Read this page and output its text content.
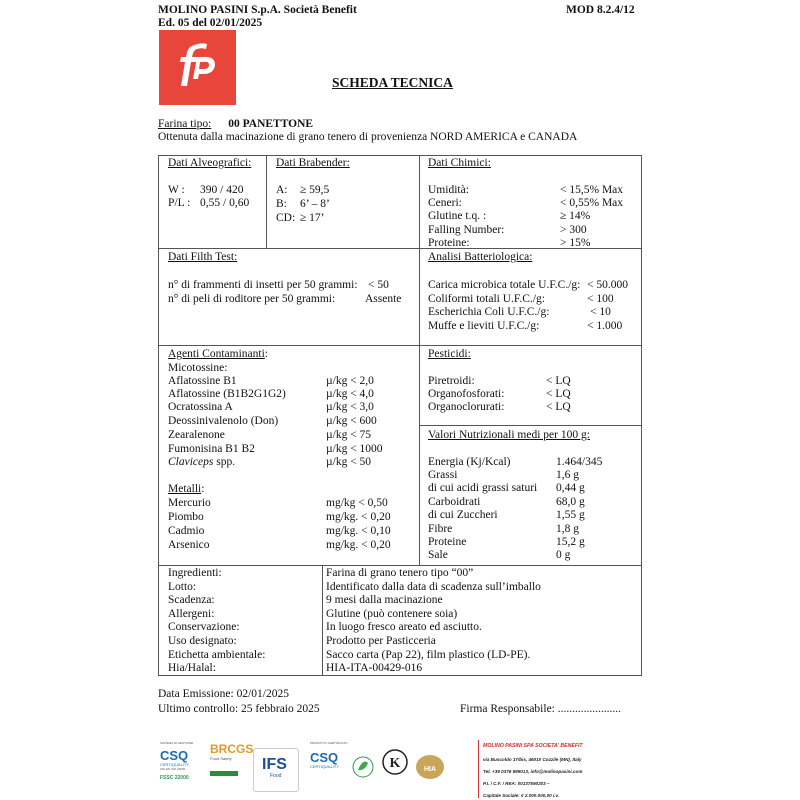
MOLINO PASINI S.p.A. Società Benefit
Ed. 05 del 02/01/2025
MOD 8.2.4/12
SCHEDA TECNICA
Farina tipo: 00 PANETTONE
Ottenuta dalla macinazione di grano tenero di provenienza NORD AMERICA e CANADA
Dati Alveografici:
W : 390 / 420
P/L : 0,55 / 0,60
Dati Brabender:
A: ≥ 59,5
B: 6’ – 8’
CD: ≥ 17’
Dati Chimici:
Umidità:	< 15,5% Max
Ceneri:	< 0,55% Max
Glutine t.q. :	≥ 14%
Falling Number:	> 300
Proteine:	> 15%
Dati Filth Test:
n° di frammenti di insetti per 50 grammi: < 50
n° di peli di roditore per 50 grammi:	Assente
Analisi Batteriologica:
Carica microbica totale U.F.C./g: < 50.000
Coliformi totali U.F.C./g:	< 100
Escherichia Coli U.F.C./g:	< 10
Muffe e lieviti U.F.C./g:	< 1.000
Agenti Contaminanti:
Micotossine:
Aflatossine B1	µ/kg < 2,0
Aflatossine (B1B2G1G2)	µ/kg < 4,0
Ocratossina A	µ/kg < 3,0
Deossinivalenolo (Don)	µ/kg < 600
Zearalenone	µ/kg < 75
Fumonisina B1 B2	µ/kg < 1000
Claviceps spp.	µ/kg < 50
Metalli:
Mercurio	mg/kg < 0,50
Piombo	mg/kg. < 0,20
Cadmio	mg/kg. < 0,10
Arsenico	mg/kg. < 0,20
Pesticidi:
Piretroidi:	< LQ
Organofosforati:	< LQ
Organoclorurati:	< LQ
Valori Nutrizionali medi per 100 g:
Energia (Kj/Kcal)	1.464/345
Grassi	1,6 g
di cui acidi grassi saturi 0,44 g
Carboidrati	68,0 g
di cui Zuccheri	1,55 g
Fibre	1,8 g
Proteine	15,2 g
Sale	0 g
Ingredienti:	Farina di grano tenero tipo “00”
Lotto:	Identificato dalla data di scadenza sull’imballo
Scadenza:	9 mesi dalla macinazione
Allergeni:	Glutine (può contenere soia)
Conservazione:	In luogo fresco areato ed asciutto.
Uso designato:	Prodotto per Pasticceria
Etichetta ambientale:	Sacco carta (Pap 22), film plastico (LD-PE).
Hia/Halal:	HIA-ITA-00429-016
Data Emissione: 02/01/2025
Ultimo controllo: 25 febbraio 2025	Firma Responsabile: ......................
SISTEMA DI GESTIONE
CSQ
CERTIQUALITY
UNI EN ISO 22000
FSSC 22000
BRCGS
Food Safety	IFS
Food
PRODOTTO CERTIFICATO
CSQ
CERTIQUALITY	K	HIA
MOLINO PASINI SPA SOCIETA' BENEFIT
via Buscoldo 17/bis, 46010 Cozzile (MN), Italy
Tel. +39 0376 999013, info@molinopasini.com
P.I. / C.F. / REA: 00137590203 –
Capitale Sociale: € 2.000.000,00 i.v.
